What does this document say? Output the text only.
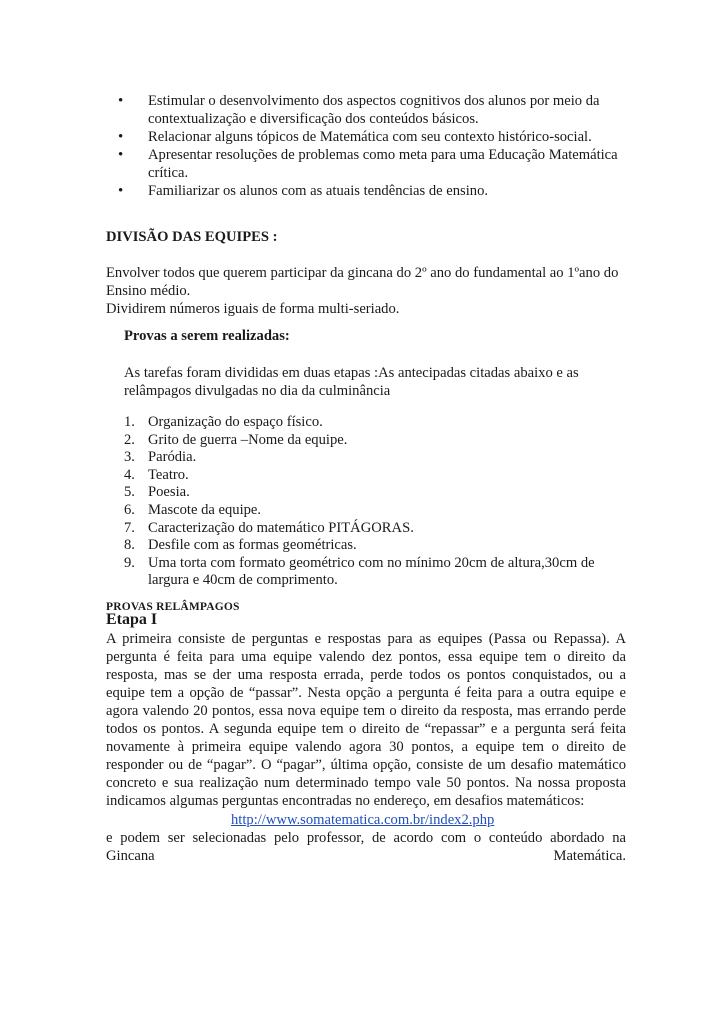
• Estimular o desenvolvimento dos aspectos cognitivos dos alunos por meio da contextualização e diversificação dos conteúdos básicos.
• Relacionar alguns tópicos de Matemática com seu contexto histórico-social.
• Apresentar resoluções de problemas como meta para uma Educação Matemática crítica.
• Familiarizar os alunos com as atuais tendências de ensino.
DIVISÃO DAS EQUIPES :
Envolver todos que querem participar da gincana do 2º ano do fundamental ao 1ºano do Ensino médio.
Dividirem números iguais de forma multi-seriado.
Provas a serem realizadas:
As tarefas foram divididas em duas etapas :As antecipadas citadas abaixo e as relâmpagos divulgadas no dia da culminância
1. Organização do espaço físico.
2. Grito de guerra –Nome da equipe.
3. Paródia.
4. Teatro.
5. Poesia.
6. Mascote da equipe.
7. Caracterização do matemático PITÁGORAS.
8. Desfile com as formas geométricas.
9. Uma torta com formato geométrico com no mínimo 20cm de altura,30cm de largura e 40cm de comprimento.
PROVAS RELÂMPAGOS
Etapa I
A primeira consiste de perguntas e respostas para as equipes (Passa ou Repassa). A pergunta é feita para uma equipe valendo dez pontos, essa equipe tem o direito da resposta, mas se der uma resposta errada, perde todos os pontos conquistados, ou a equipe tem a opção de “passar”. Nesta opção a pergunta é feita para a outra equipe e agora valendo 20 pontos, essa nova equipe tem o direito da resposta, mas errando perde todos os pontos. A segunda equipe tem o direito de “repassar” e a pergunta será feita novamente à primeira equipe valendo agora 30 pontos, a equipe tem o direito de responder ou de “pagar”. O “pagar”, última opção, consiste de um desafio matemático concreto e sua realização num determinado tempo vale 50 pontos. Na nossa proposta indicamos algumas perguntas encontradas no endereço, em desafios matemáticos:
http://www.somatematica.com.br/index2.php
e podem ser selecionadas pelo professor, de acordo com o conteúdo abordado na Gincana Matemática.
